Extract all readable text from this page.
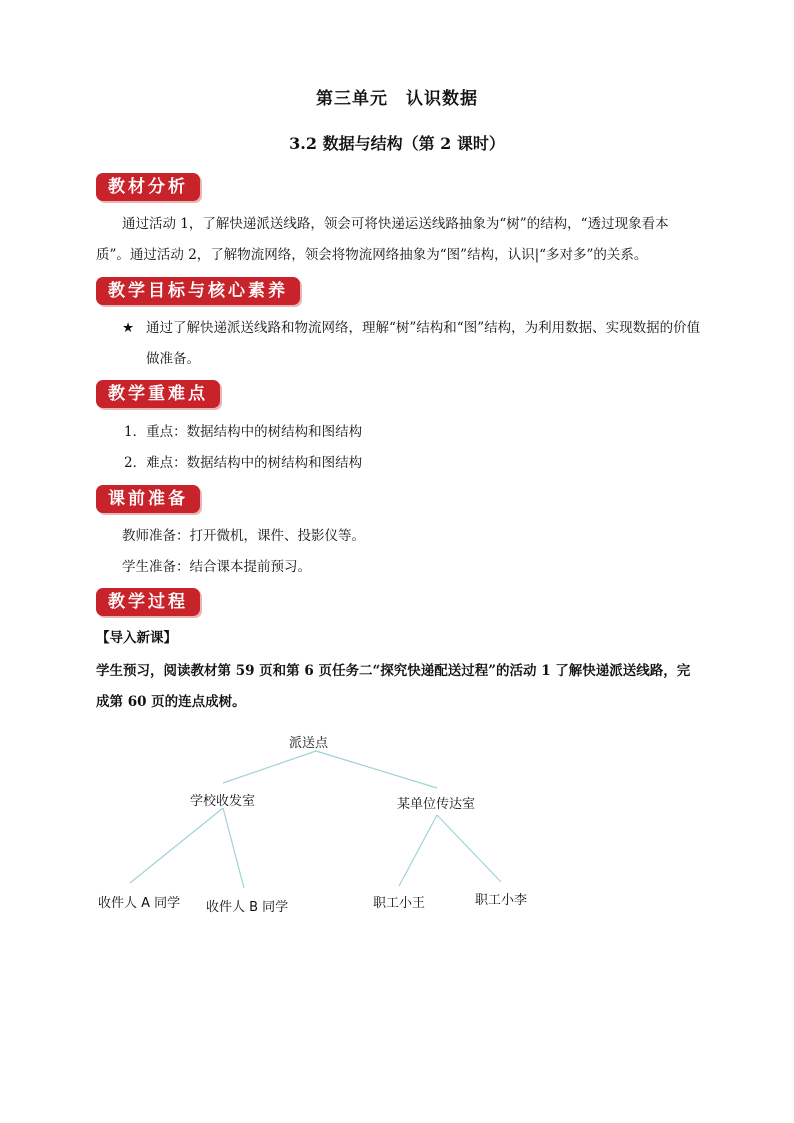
第三单元　认识数据
3.2 数据与结构（第 2 课时）
教材分析
通过活动 1，了解快递派送线路，领会可将快递运送线路抽象为“树”的结构，“透过现象看本质”。通过活动 2，了解物流网络，领会将物流网络抽象为“图”结构，认识|“多对多”的关系。
教学目标与核心素养
★ 通过了解快递派送线路和物流网络，理解“树”结构和“图”结构，为利用数据、实现数据的价值做准备。
教学重难点
1．重点：数据结构中的树结构和图结构
2．难点：数据结构中的树结构和图结构
课前准备
教师准备：打开微机，课件、投影仪等。
学生准备：结合课本提前预习。
教学过程
【导入新课】
学生预习，阅读教材第 59 页和第 6 页任务二“探究快递配送过程”的活动 1 了解快递派送线路，完成第 60 页的连点成树。
派送点
学校收发室	某单位传达室
收件人 A 同学 收件人 B 同学	职工小王	职工小李
